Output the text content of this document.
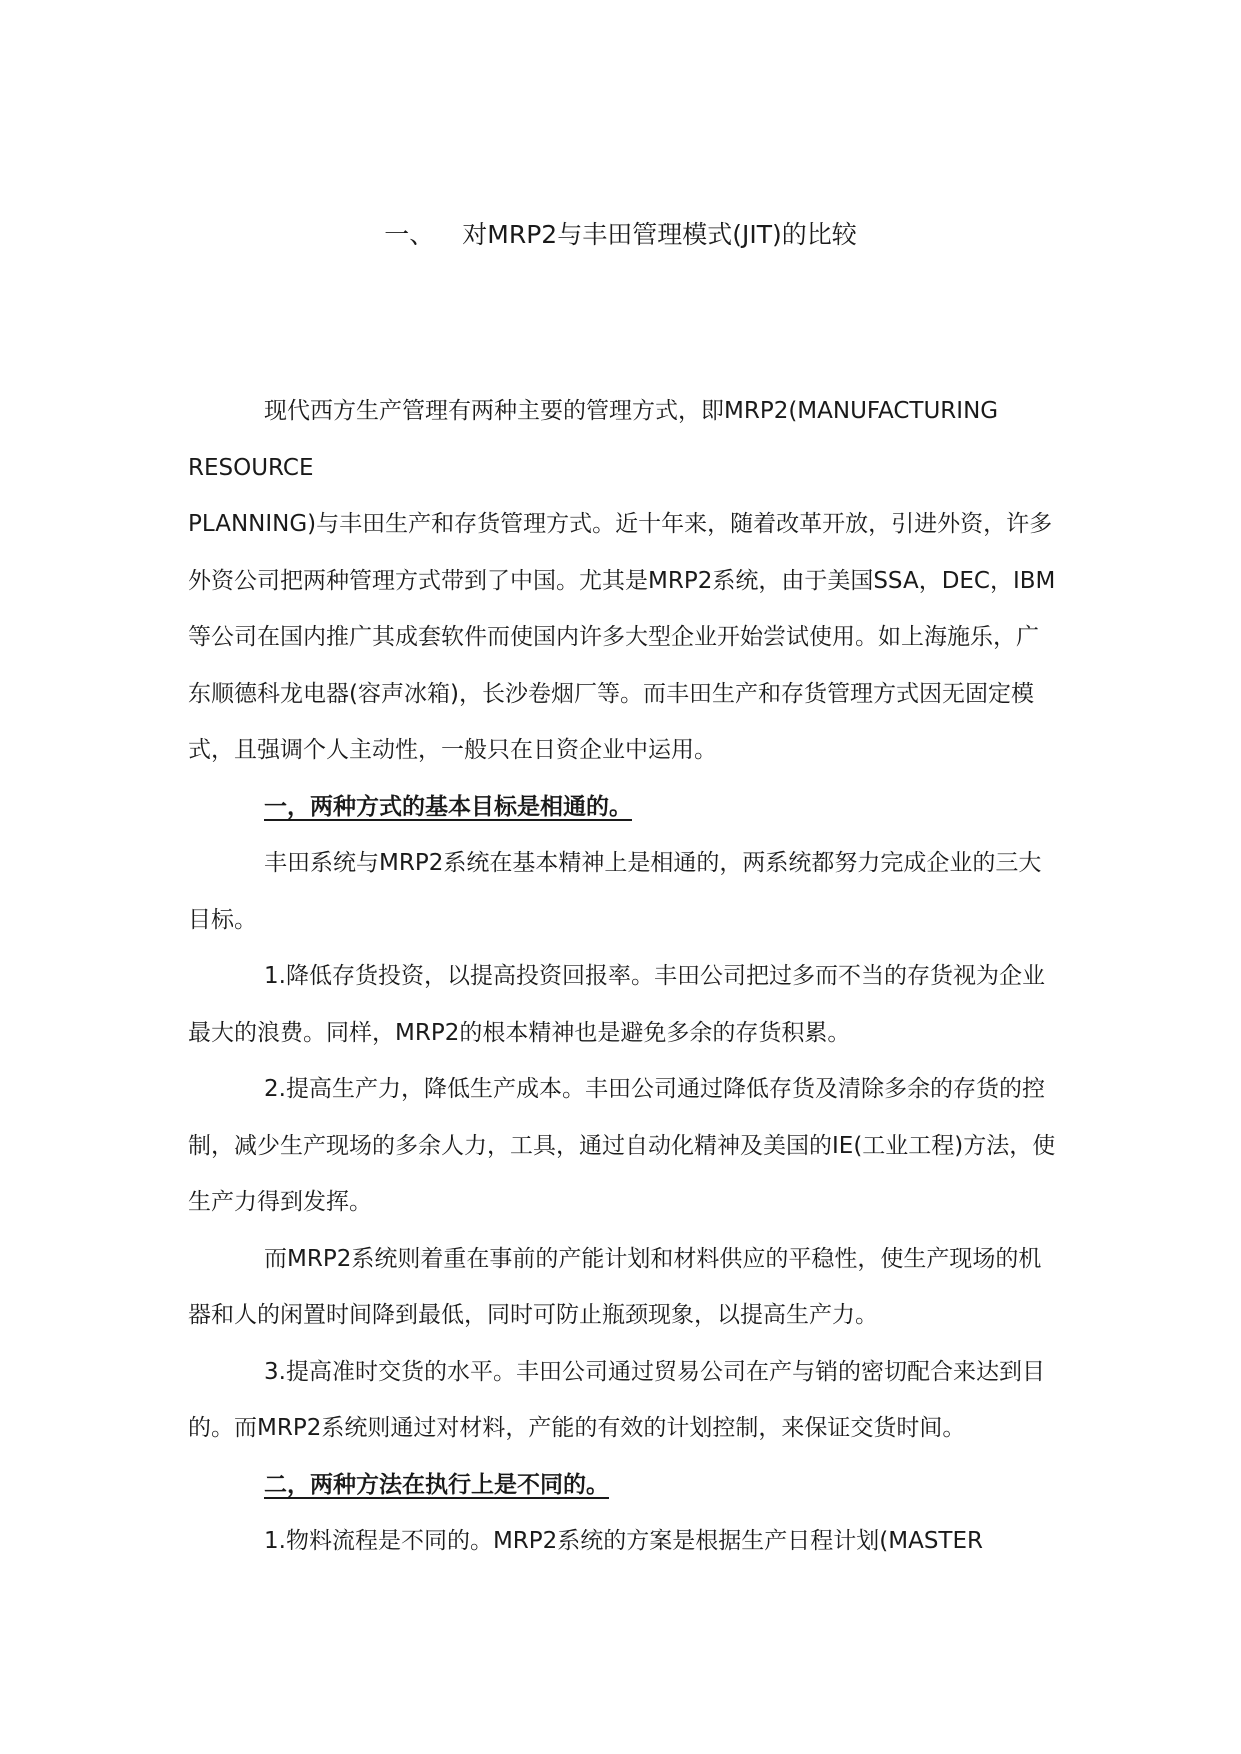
一、 对MRP2与丰田管理模式(JIT)的比较

现代西方生产管理有两种主要的管理方式，即MRP2(MANUFACTURING

RESOURCE

PLANNING)与丰田生产和存货管理方式。近十年来，随着改革开放，引进外资，许多外资公司把两种管理方式带到了中国。尤其是MRP2系统，由于美国SSA，DEC，IBM等公司在国内推广其成套软件而使国内许多大型企业开始尝试使用。如上海施乐，广东顺德科龙电器(容声冰箱)，长沙卷烟厂等。而丰田生产和存货管理方式因无固定模式，且强调个人主动性，一般只在日资企业中运用。

一，两种方式的基本目标是相通的。

丰田系统与MRP2系统在基本精神上是相通的，两系统都努力完成企业的三大目标。

1.降低存货投资，以提高投资回报率。丰田公司把过多而不当的存货视为企业最大的浪费。同样，MRP2的根本精神也是避免多余的存货积累。

2.提高生产力，降低生产成本。丰田公司通过降低存货及清除多余的存货的控制，减少生产现场的多余人力，工具，通过自动化精神及美国的IE(工业工程)方法，使生产力得到发挥。

而MRP2系统则着重在事前的产能计划和材料供应的平稳性，使生产现场的机器和人的闲置时间降到最低，同时可防止瓶颈现象，以提高生产力。

3.提高准时交货的水平。丰田公司通过贸易公司在产与销的密切配合来达到目的。而MRP2系统则通过对材料，产能的有效的计划控制，来保证交货时间。

二，两种方法在执行上是不同的。

1.物料流程是不同的。MRP2系统的方案是根据生产日程计划(MASTER
